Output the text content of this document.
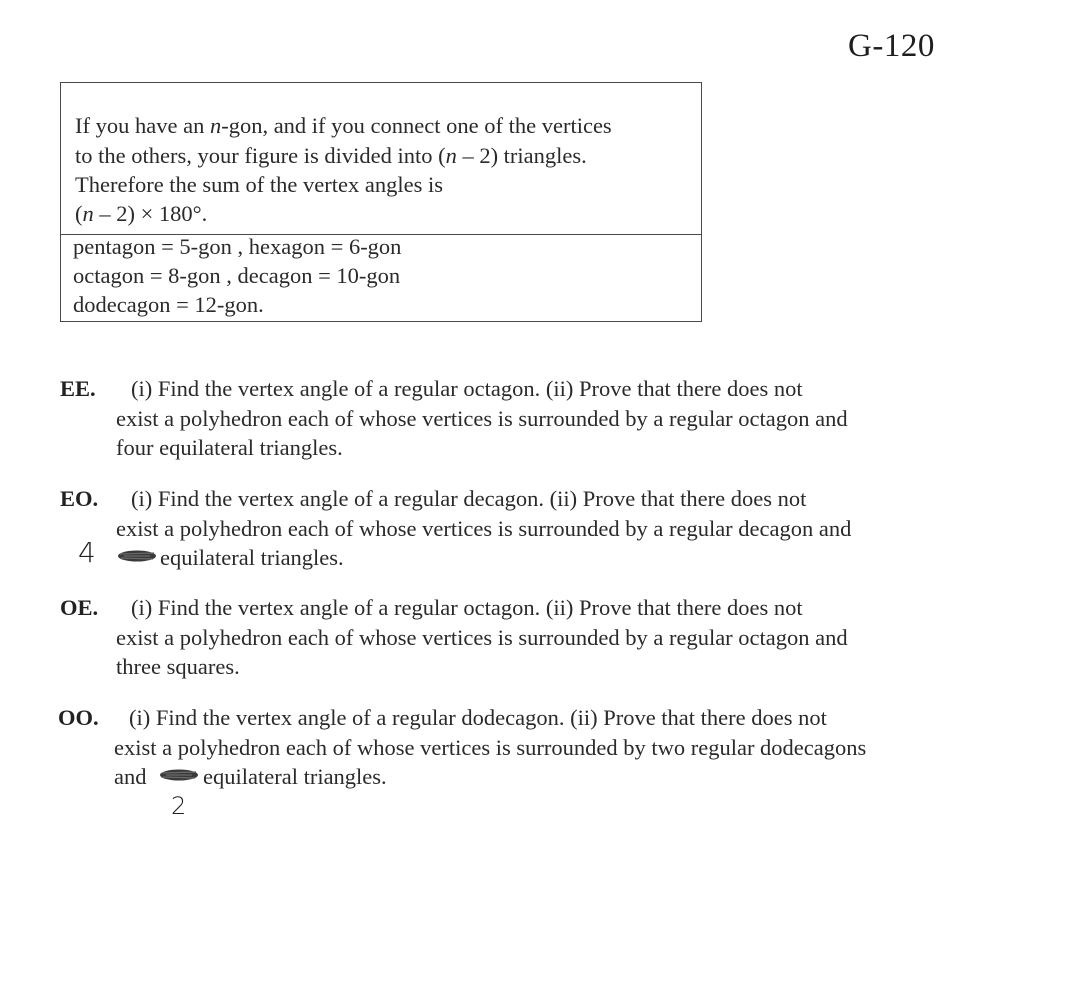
G-120
If you have an n-gon, and if you connect one of the vertices
to the others, your figure is divided into (n – 2) triangles.
Therefore the sum of the vertex angles is
(n – 2) × 180°.
pentagon = 5-gon , hexagon = 6-gon
octagon = 8-gon , decagon = 10-gon
dodecagon = 12-gon.
EE. (i) Find the vertex angle of a regular octagon. (ii) Prove that there does not
exist a polyhedron each of whose vertices is surrounded by a regular octagon and
four equilateral triangles.
EO. (i) Find the vertex angle of a regular decagon. (ii) Prove that there does not
exist a polyhedron each of whose vertices is surrounded by a regular decagon and
equilateral triangles.
4
OE. (i) Find the vertex angle of a regular octagon. (ii) Prove that there does not
exist a polyhedron each of whose vertices is surrounded by a regular octagon and
three squares.
OO. (i) Find the vertex angle of a regular dodecagon. (ii) Prove that there does not
exist a polyhedron each of whose vertices is surrounded by two regular dodecagons
and	equilateral triangles.
2
